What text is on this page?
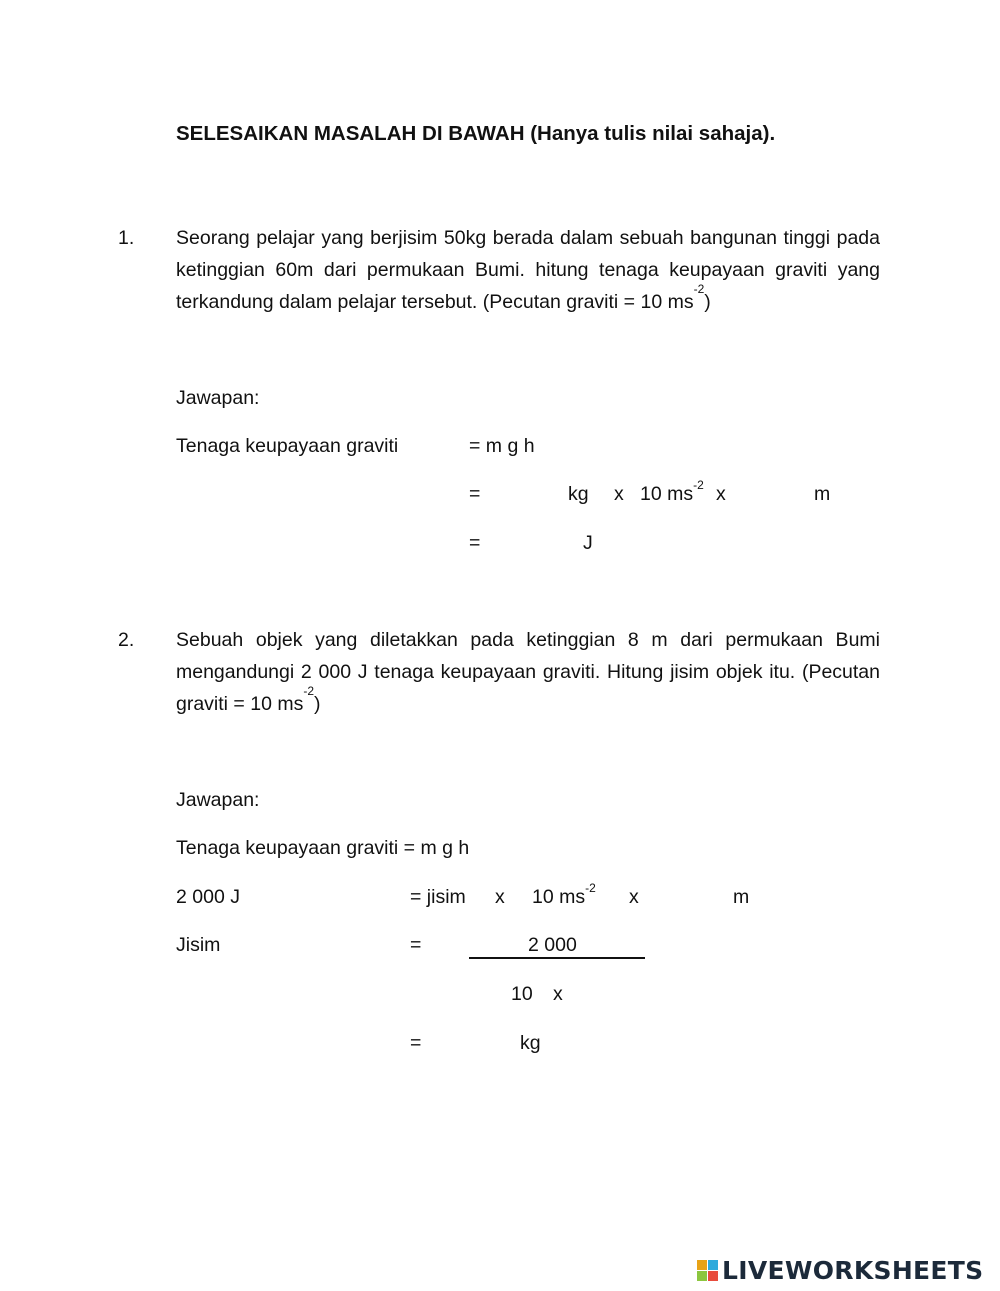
SELESAIKAN MASALAH DI BAWAH (Hanya tulis nilai sahaja).
1. Seorang pelajar yang berjisim 50kg berada dalam sebuah bangunan tinggi pada ketinggian 60m dari permukaan Bumi. hitung tenaga keupayaan graviti yang terkandung dalam pelajar tersebut. (Pecutan graviti = 10 $ms^{-2}$)
Jawapan:
Tenaga keupayaan graviti	= m g h
=	kg x 10 $ms^{-2}$ x	m
=	J
2. Sebuah objek yang diletakkan pada ketinggian 8 m dari permukaan Bumi mengandungi 2 000 J tenaga keupayaan graviti. Hitung jisim objek itu. (Pecutan graviti = 10 $ms^{-2}$)
Jawapan:
Tenaga keupayaan graviti = m g h
2 000 J	= jisim x 10 $ms^{-2}$ x	m
Jisim	=	2 000
10 x
=	kg
LIVEWORKSHEETS
